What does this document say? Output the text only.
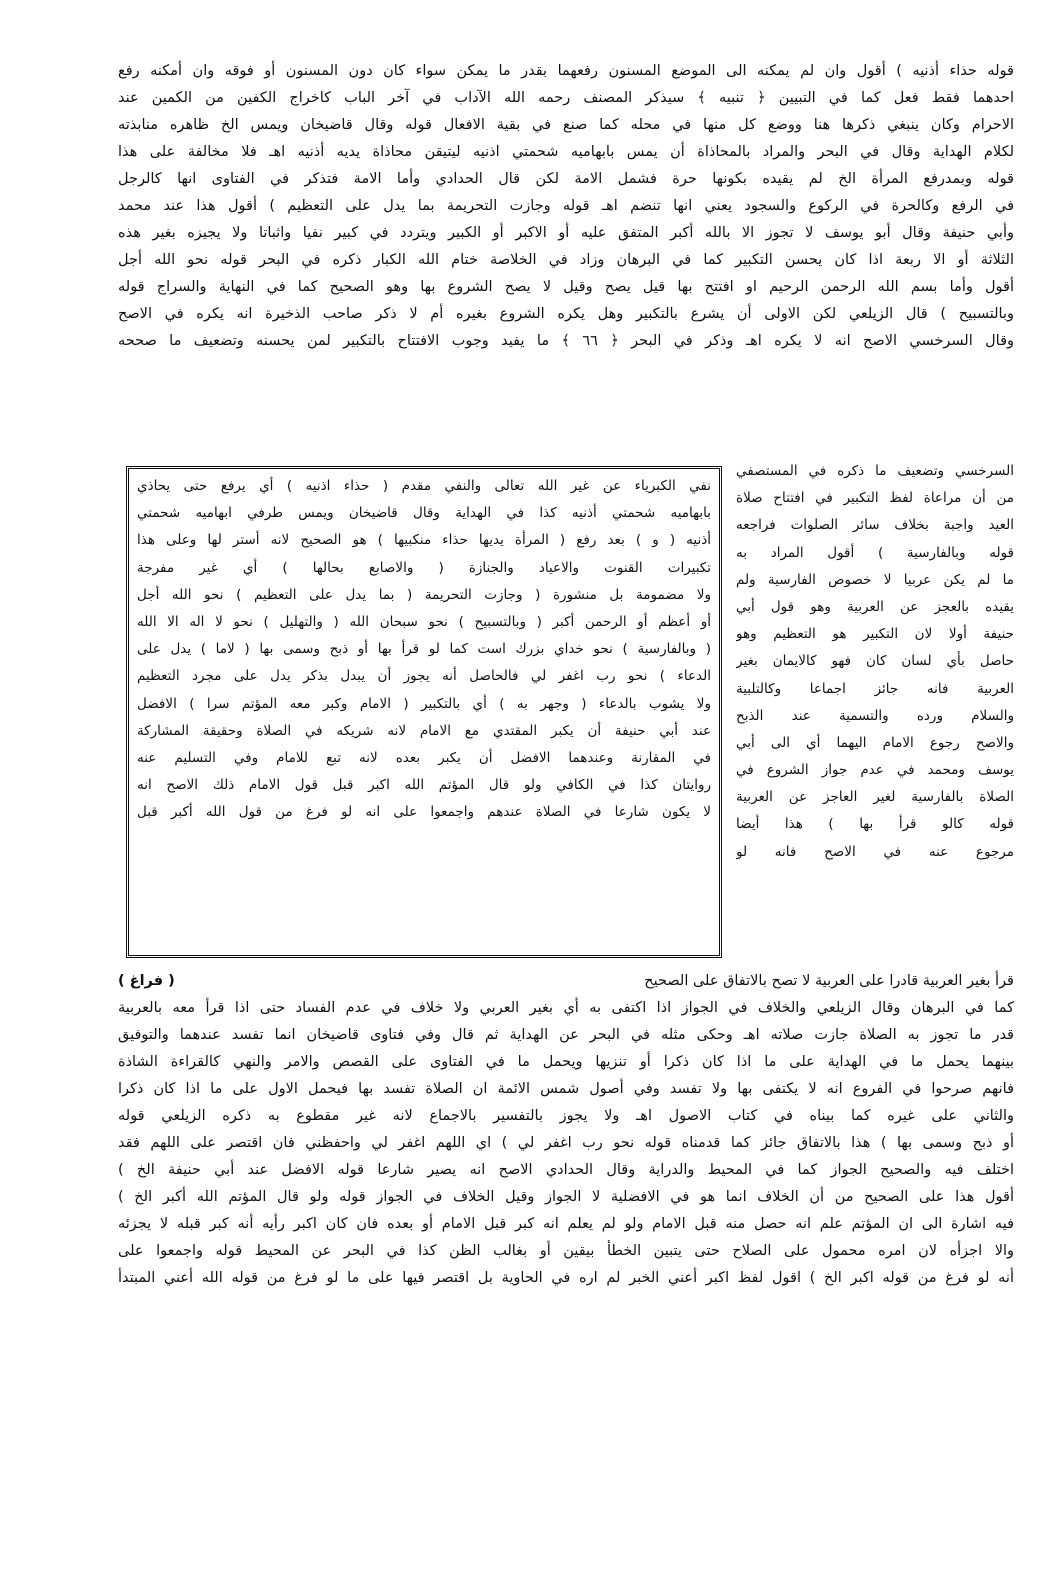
قوله حذاء أذنيه ) أقول وان لم يمكنه الى الموضع المسنون رفعهما بقدر ما يمكن سواء كان دون المسنون أو فوقه وان أمكنه رفع
احدهما فقط فعل كما في التبيين ﴿ تنبيه ﴾ سيذكر المصنف رحمه الله الآداب في آخر الباب كاخراج الكفين من الكمين عند
الاحرام وكان ينبغي ذكرها هنا ووضع كل منها في محله كما صنع في بقية الافعال قوله وقال قاضيخان ويمس الخ ظاهره منابذته
لكلام الهداية وقال في البحر والمراد بالمحاذاة أن يمس بابهاميه شحمتي اذنيه ليتيقن محاذاة يديه أذنيه اهـ فلا مخالفة على هذا
قوله وبمدرفع المرأة الخ لم يقيده بكونها حرة فشمل الامة لكن قال الحدادي وأما الامة فتذكر في الفتاوى انها كالرجل
في الرفع وكالحرة في الركوع والسجود يعني انها تنضم اهـ قوله وجازت التحريمة بما يدل على التعظيم ) أقول هذا عند محمد
وأبي حنيفة وقال أبو يوسف لا تجوز الا بالله أكبر المتفق عليه أو الاكبر أو الكبير ويتردد في كبير نفيا واثباتا ولا يجيزه بغير هذه
الثلاثة أو الا ربعة اذا كان يحسن التكبير كما في البرهان وزاد في الخلاصة ختام الله الكبار ذكره في البحر قوله نحو الله أجل
أقول وأما بسم الله الرحمن الرحيم او افتتح بها قيل يصح وقيل لا يصح الشروع بها وهو الصحيح كما في النهاية والسراج قوله
وبالتسبيح ) قال الزيلعي لكن الاولى أن يشرع بالتكبير وهل يكره الشروع بغيره أم لا ذكر صاحب الذخيرة انه يكره في الاصح
وقال السرخسي الاصح انه لا يكره اهـ وذكر في البحر ﴿ ٦٦ ﴾ ما يفيد وجوب الافتتاح بالتكبير لمن يحسنه وتضعيف ما صححه
السرخسي وتضعيف ما ذكره في المستصفي
من أن مراعاة لفظ التكبير في افتتاح صلاة
العيد واجبة بخلاف سائر الصلوات فراجعه
قوله وبالفارسية ) أقول المراد به
ما لم يكن عربيا لا خصوص الفارسية ولم
يقيده بالعجز عن العربية وهو قول أبي
حنيفة أولا لان التكبير هو التعظيم وهو
حاصل بأي لسان كان فهو كالايمان بغير
العربية فانه جائز اجماعا وكالتلبية
والسلام ورده والتسمية عند الذبح
والاصح رجوع الامام اليهما أي الى أبي
يوسف ومحمد في عدم جواز الشروع في
الصلاة بالفارسية لغير العاجز عن العربية
قوله كالو قرأ بها ) هذا أيضا
مرجوع عنه في الاصح فانه لو
نفي الكبرياء عن غير الله تعالى والنفي مقدم ( حذاء اذنيه ) أي يرفع حتى يحاذي
بابهاميه شحمتي أذنيه كذا في الهداية وقال قاضيخان ويمس طرفي ابهاميه شحمتي
أذنيه ( و ) بعد رفع ( المرأة يديها حذاء منكبيها ) هو الصحيح لانه أستر لها وعلى هذا
تكبيرات القنوت والاعياد والجنازة ( والاصابع بحالها ) أي غير مفرجة
ولا مضمومة بل منشورة ( وجازت التحريمة ( بما يدل على التعظيم ) نحو الله أجل
أو أعظم أو الرحمن أكبر ( وبالتسبيح ) نحو سبحان الله ( والتهليل ) نحو لا اله الا الله
( وبالفارسية ) نحو خداي بزرك است كما لو قرأ بها أو ذبح وسمى بها ( لاما ) يدل على
الدعاء ) نحو رب اغفر لي فالحاصل أنه يجوز أن يبدل بذكر يدل على مجرد التعظيم
ولا يشوب بالدعاء ( وجهر به ) أي بالتكبير ( الامام وكبر معه المؤتم سرا ) الافضل
عند أبي حنيفة أن يكبر المقتدي مع الامام لانه شريكه في الصلاة وحقيقة المشاركة
في المقارنة وعندهما الافضل أن يكبر بعده لانه تبع للامام وفي التسليم عنه
روايتان كذا في الكافي ولو قال المؤتم الله اكبر قبل قول الامام ذلك الاصح انه
لا يكون شارعا في الصلاة عندهم واجمعوا على انه لو فرغ من قول الله أكبر قبل
قرأ بغير العربية قادرا على العربية لا تصح بالاتفاق على الصحيح
( فراغ )
كما في البرهان وقال الزيلعي والخلاف في الجواز اذا اكتفى به أي بغير العربي ولا خلاف في عدم الفساد حتى اذا قرأ معه بالعربية
قدر ما تجوز به الصلاة جازت صلاته اهـ وحكى مثله في البحر عن الهداية ثم قال وفي فتاوى قاضيخان انما تفسد عندهما والتوفيق
بينهما يحمل ما في الهداية على ما اذا كان ذكرا أو تنزيها ويحمل ما في الفتاوى على القصص والامر والنهي كالقراءة الشاذة
فانهم صرحوا في الفروع انه لا يكتفى بها ولا تفسد وفي أصول شمس الائمة ان الصلاة تفسد بها فيحمل الاول على ما اذا كان ذكرا
والثاني على غيره كما بيناه في كتاب الاصول اهـ ولا يجوز بالتفسير بالاجماع لانه غير مقطوع به ذكره الزيلعي قوله
أو ذبح وسمى بها ) هذا بالاتفاق جائز كما قدمناه قوله نحو رب اغفر لي ) اي اللهم اغفر لي واحفظني فان اقتصر على اللهم فقد
اختلف فيه والصحيح الجواز كما في المحيط والدراية وقال الحدادي الاصح انه يصير شارعا قوله الافضل عند أبي حنيفة الخ )
أقول هذا على الصحيح من أن الخلاف انما هو في الافضلية لا الجواز وقيل الخلاف في الجواز قوله ولو قال المؤتم الله أكبر الخ )
فيه اشارة الى ان المؤتم علم انه حصل منه قبل الامام ولو لم يعلم انه كبر قبل الامام أو بعده فان كان اكبر رأيه أنه كبر قبله لا يجزئه
والا اجزأه لان امره محمول على الصلاح حتى يتبين الخطأ بيقين أو بغالب الظن كذا في البحر عن المحيط قوله واجمعوا على
أنه لو فرغ من قوله اكبر الخ ) اقول لفظ اكبر أعني الخبر لم اره في الحاوية بل اقتصر فيها على ما لو فرغ من قوله الله أعني المبتدأ
